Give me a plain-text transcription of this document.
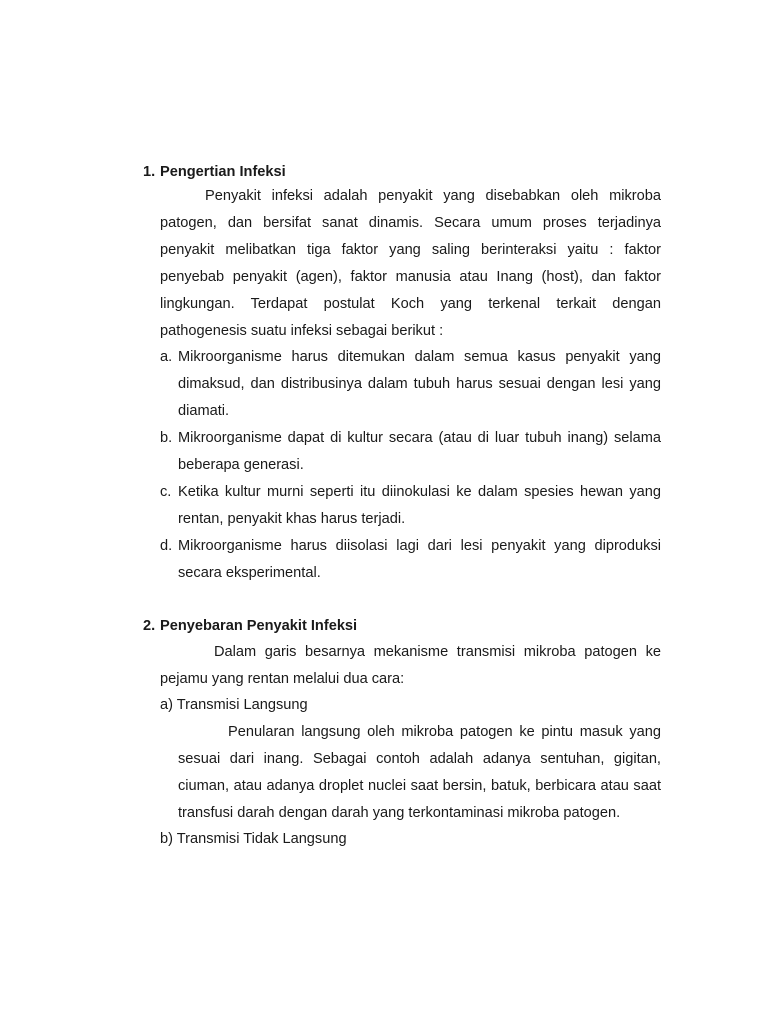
1. Pengertian Infeksi

Penyakit infeksi adalah penyakit yang disebabkan oleh mikroba patogen, dan bersifat sanat dinamis. Secara umum proses terjadinya penyakit melibatkan tiga faktor yang saling berinteraksi yaitu : faktor penyebab penyakit (agen), faktor manusia atau Inang (host), dan faktor lingkungan. Terdapat postulat Koch yang terkenal terkait dengan pathogenesis suatu infeksi sebagai berikut :

a. Mikroorganisme harus ditemukan dalam semua kasus penyakit yang dimaksud, dan distribusinya dalam tubuh harus sesuai dengan lesi yang diamati.
b. Mikroorganisme dapat di kultur secara (atau di luar tubuh inang) selama beberapa generasi.
c. Ketika kultur murni seperti itu diinokulasi ke dalam spesies hewan yang rentan, penyakit khas harus terjadi.
d. Mikroorganisme harus diisolasi lagi dari lesi penyakit yang diproduksi secara eksperimental.
2. Penyebaran Penyakit Infeksi

Dalam garis besarnya mekanisme transmisi mikroba patogen ke pejamu yang rentan melalui dua cara:

a) Transmisi Langsung

Penularan langsung oleh mikroba patogen ke pintu masuk yang sesuai dari inang. Sebagai contoh adalah adanya sentuhan, gigitan, ciuman, atau adanya droplet nuclei saat bersin, batuk, berbicara atau saat transfusi darah dengan darah yang terkontaminasi mikroba patogen.

b) Transmisi Tidak Langsung
